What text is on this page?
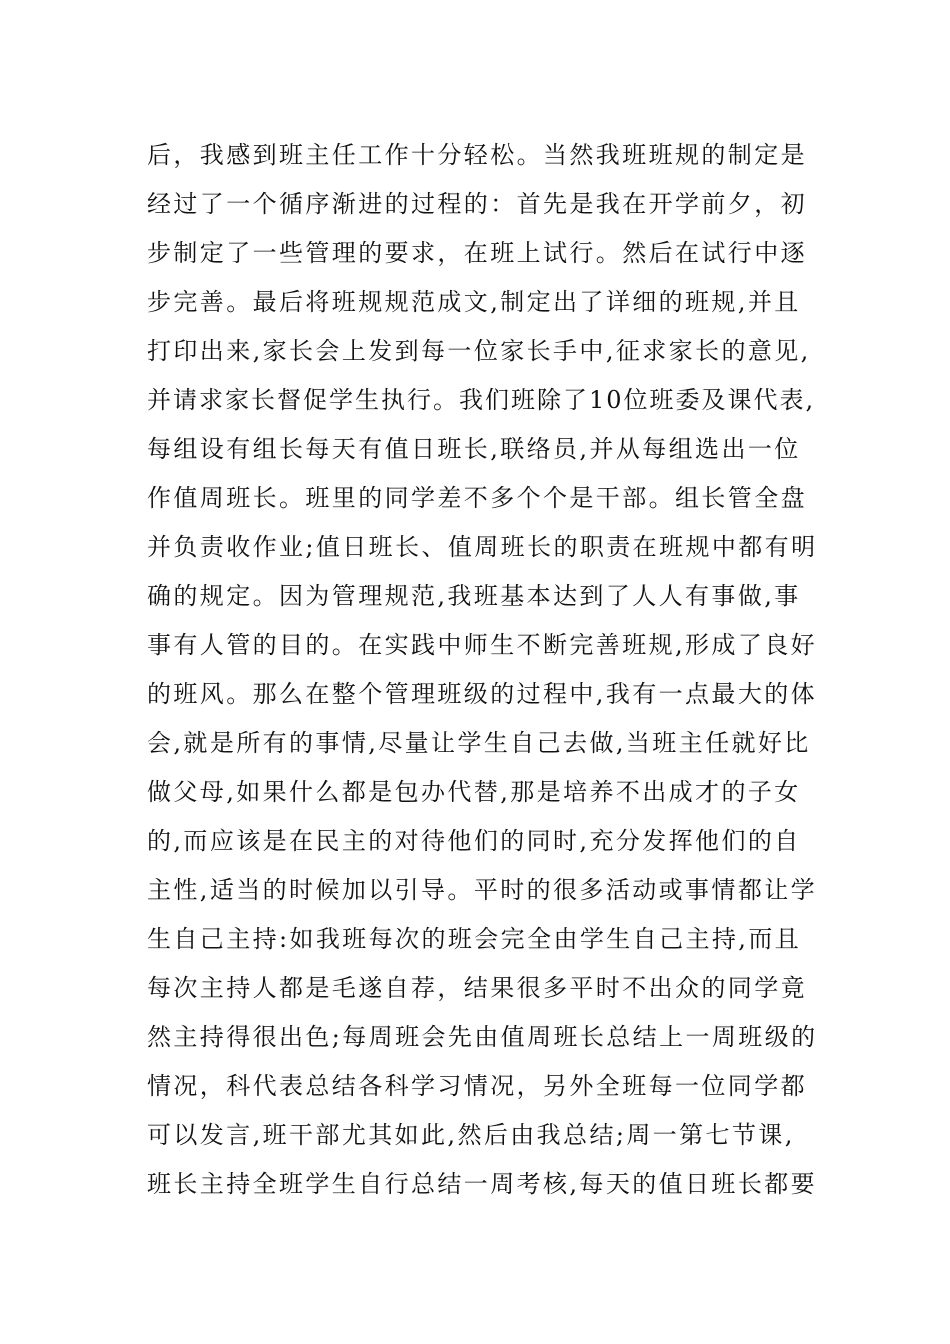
后，我感到班主任工作十分轻松。当然我班班规的制定是
经过了一个循序渐进的过程的：首先是我在开学前夕，初
步制定了一些管理的要求，在班上试行。然后在试行中逐
步完善。最后将班规规范成文,制定出了详细的班规,并且
打印出来,家长会上发到每一位家长手中,征求家长的意见,
并请求家长督促学生执行。我们班除了10位班委及课代表,
每组设有组长每天有值日班长,联络员,并从每组选出一位
作值周班长。班里的同学差不多个个是干部。组长管全盘
并负责收作业;值日班长、值周班长的职责在班规中都有明
确的规定。因为管理规范,我班基本达到了人人有事做,事
事有人管的目的。在实践中师生不断完善班规,形成了良好
的班风。那么在整个管理班级的过程中,我有一点最大的体
会,就是所有的事情,尽量让学生自己去做,当班主任就好比
做父母,如果什么都是包办代替,那是培养不出成才的子女
的,而应该是在民主的对待他们的同时,充分发挥他们的自
主性,适当的时候加以引导。平时的很多活动或事情都让学
生自己主持:如我班每次的班会完全由学生自己主持,而且
每次主持人都是毛遂自荐，结果很多平时不出众的同学竟
然主持得很出色;每周班会先由值周班长总结上一周班级的
情况，科代表总结各科学习情况，另外全班每一位同学都
可以发言,班干部尤其如此,然后由我总结;周一第七节课,
班长主持全班学生自行总结一周考核,每天的值日班长都要
